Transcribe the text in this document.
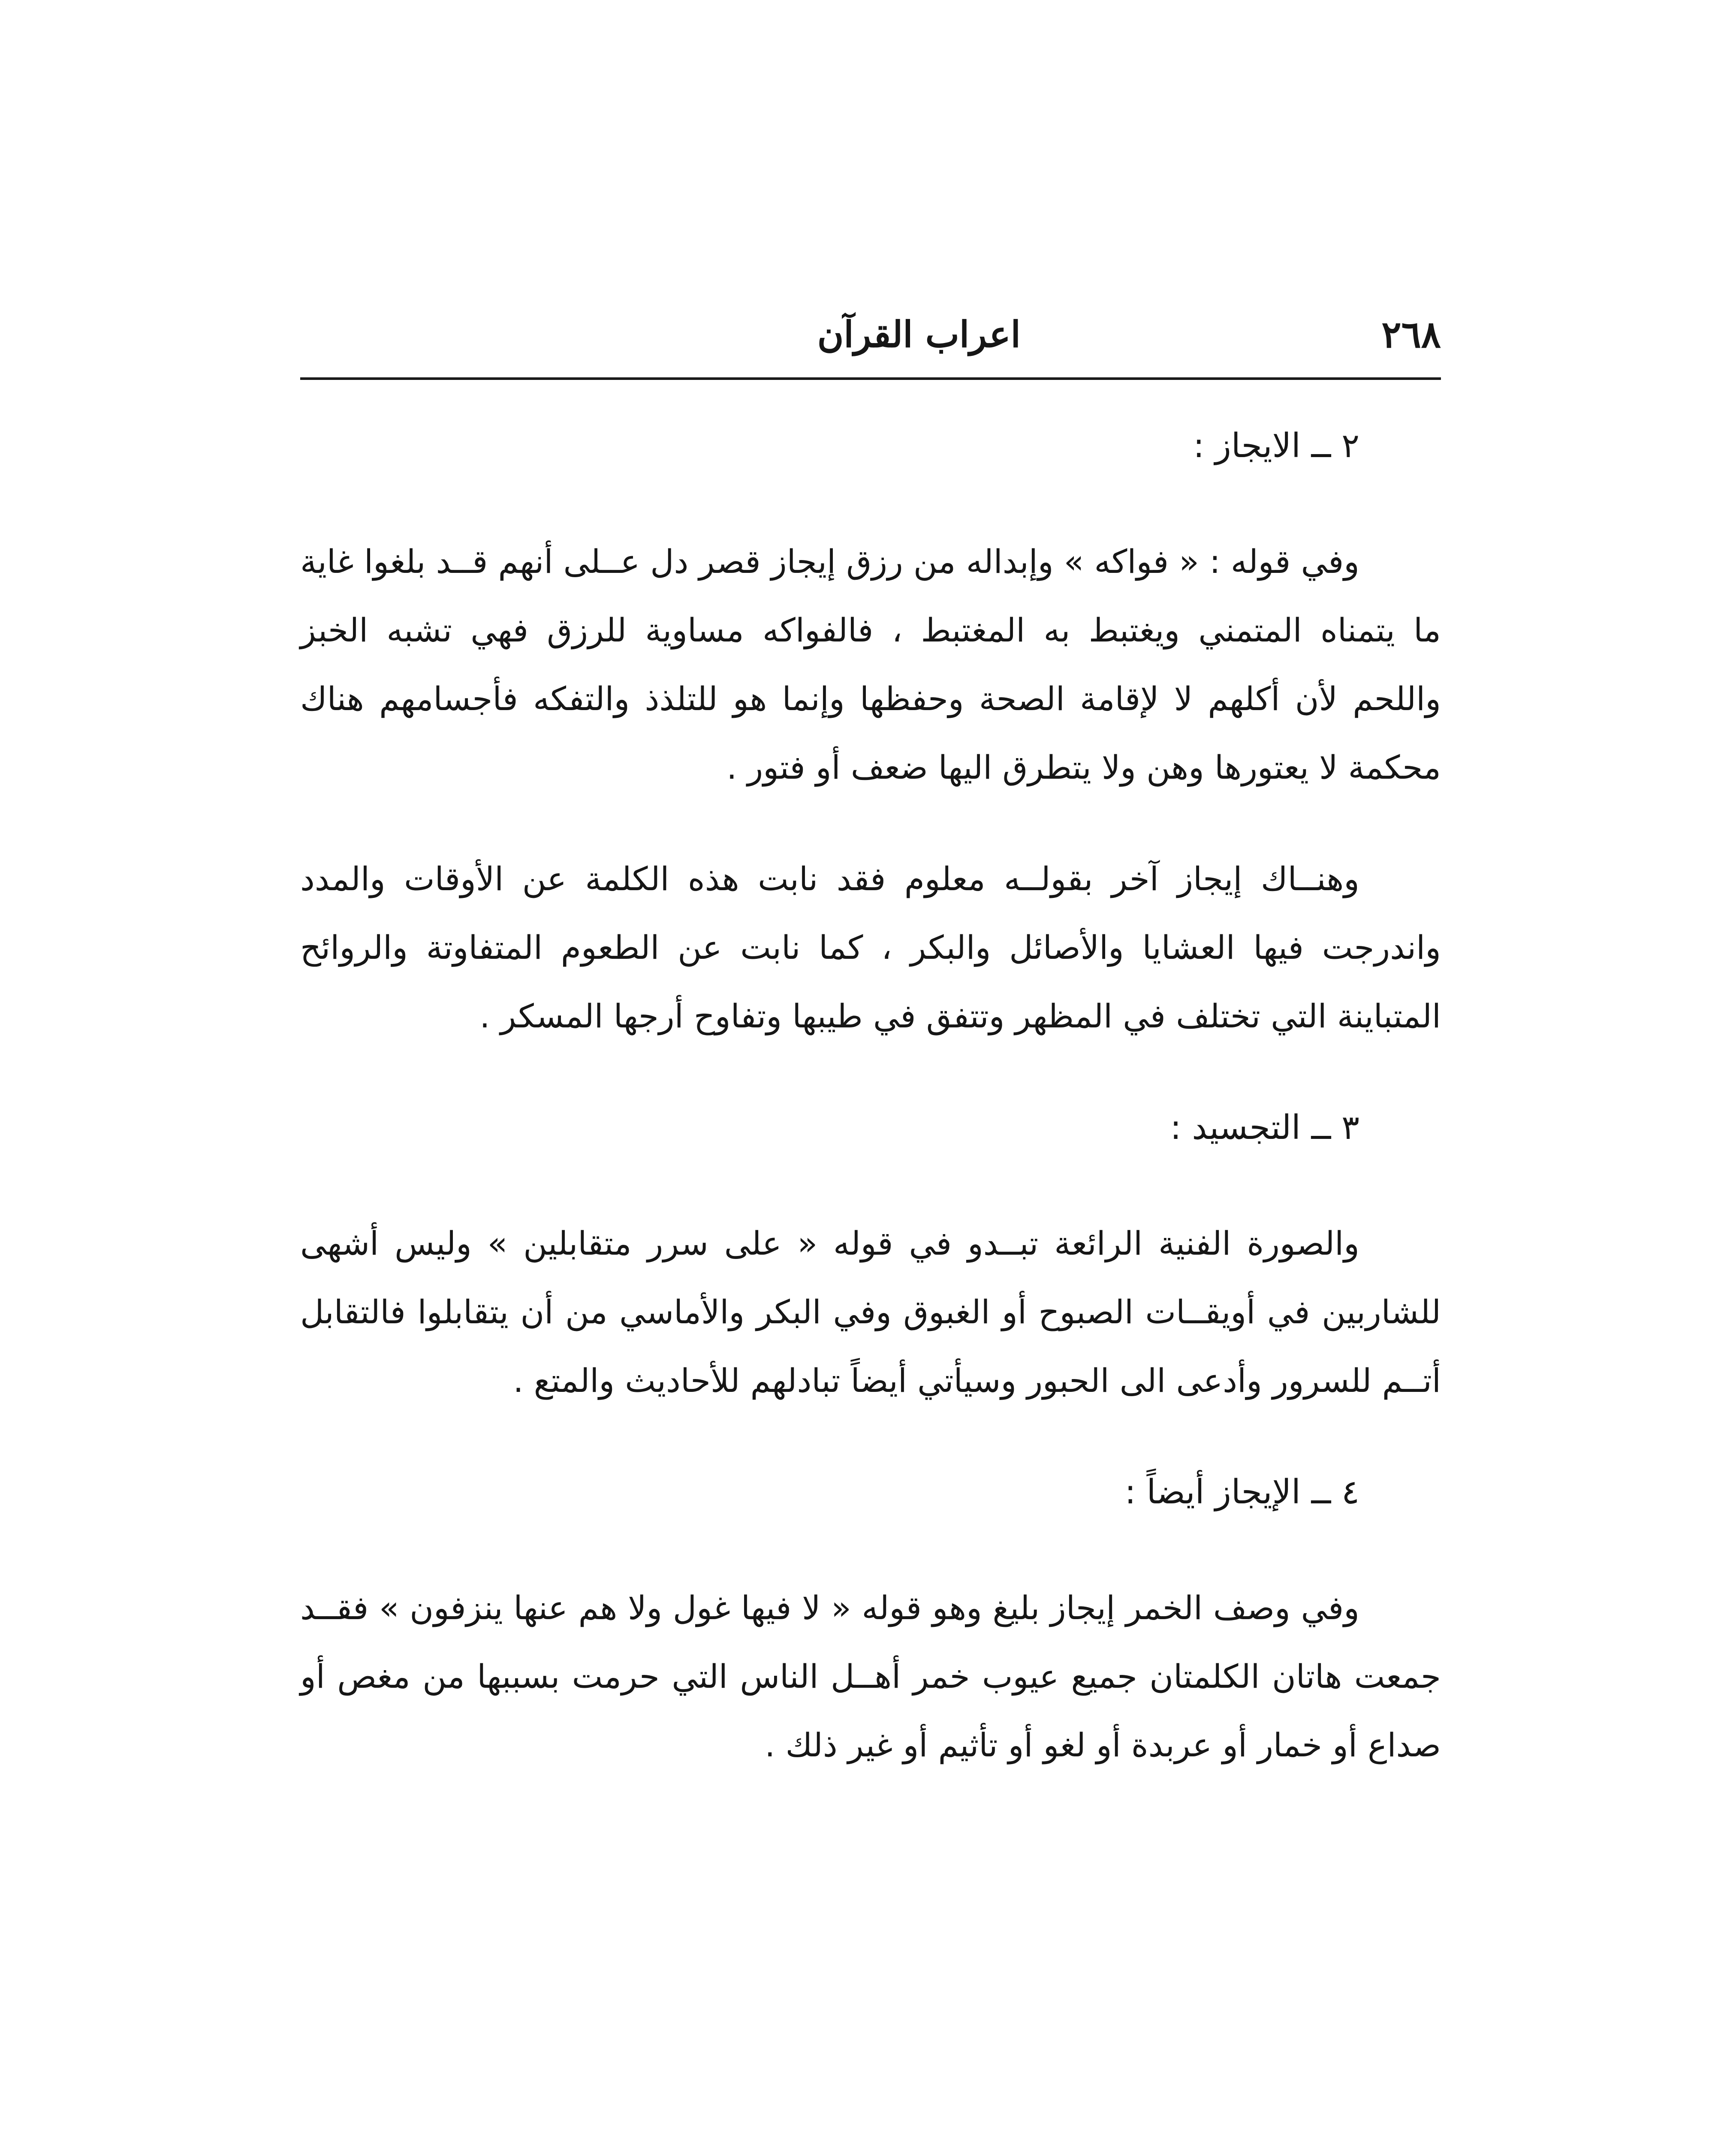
٢٦٨
اعراب القرآن
٢ ــ الايجاز :

وفي قوله : « فواكه » وإبداله من رزق إيجاز قصر دل عــلى أنهم قــد بلغوا غاية ما يتمناه المتمني ويغتبط به المغتبط ، فالفواكه مساوية للرزق فهي تشبه الخبز واللحم لأن أكلهم لا لإقامة الصحة وحفظها وإنما هو للتلذذ والتفكه فأجسامهم هناك محكمة لا يعتورها وهن ولا يتطرق اليها ضعف أو فتور .

وهنــاك إيجاز آخر بقولــه معلوم فقد نابت هذه الكلمة عن الأوقات والمدد واندرجت فيها العشايا والأصائل والبكر ، كما نابت عن الطعوم المتفاوتة والروائح المتباينة التي تختلف في المظهر وتتفق في طيبها وتفاوح أرجها المسكر .

٣ ــ التجسيد :

والصورة الفنية الرائعة تبــدو في قوله « على سرر متقابلين » وليس أشهى للشاربين في أويقــات الصبوح أو الغبوق وفي البكر والأماسي من أن يتقابلوا فالتقابل أتــم للسرور وأدعى الى الحبور وسيأتي أيضاً تبادلهم للأحاديث والمتع .

٤ ــ الإيجاز أيضاً :

وفي وصف الخمر إيجاز بليغ وهو قوله « لا فيها غول ولا هم عنها ينزفون » فقــد جمعت هاتان الكلمتان جميع عيوب خمر أهــل الناس التي حرمت بسببها من مغص أو صداع أو خمار أو عربدة أو لغو أو تأثيم أو غير ذلك .
